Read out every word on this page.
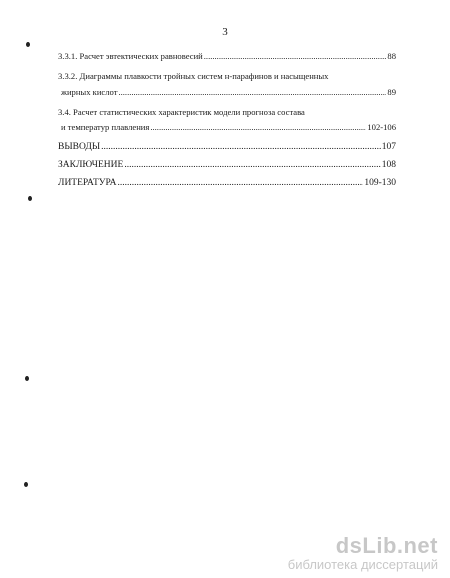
3
3.3.1. Расчет эвтектических равновесий .....	88
3.3.2. Диаграммы плавкости тройных систем н-парафинов и насыщенных
жирных кислот .....	89
3.4. Расчет статистических характеристик модели прогноза состава
и температур плавления .....	102-106
ВЫВОДЫ .....	107
ЗАКЛЮЧЕНИЕ .....	108
ЛИТЕРАТУРА .....	109-130
dsLib.net
библиотека диссертаций
